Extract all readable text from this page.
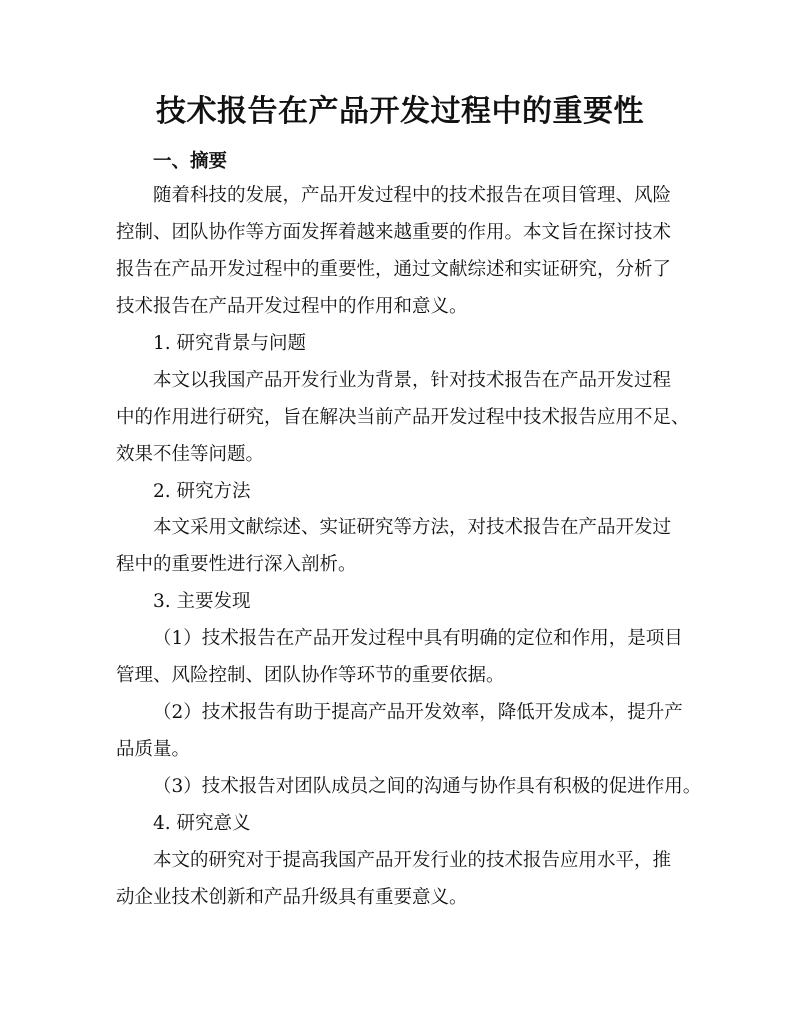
技术报告在产品开发过程中的重要性
一、摘要
随着科技的发展，产品开发过程中的技术报告在项目管理、风险
控制、团队协作等方面发挥着越来越重要的作用。本文旨在探讨技术
报告在产品开发过程中的重要性，通过文献综述和实证研究，分析了
技术报告在产品开发过程中的作用和意义。
1. 研究背景与问题
本文以我国产品开发行业为背景，针对技术报告在产品开发过程
中的作用进行研究，旨在解决当前产品开发过程中技术报告应用不足、
效果不佳等问题。
2. 研究方法
本文采用文献综述、实证研究等方法，对技术报告在产品开发过
程中的重要性进行深入剖析。
3. 主要发现
（1）技术报告在产品开发过程中具有明确的定位和作用，是项目
管理、风险控制、团队协作等环节的重要依据。
（2）技术报告有助于提高产品开发效率，降低开发成本，提升产
品质量。
（3）技术报告对团队成员之间的沟通与协作具有积极的促进作用。
4. 研究意义
本文的研究对于提高我国产品开发行业的技术报告应用水平，推
动企业技术创新和产品升级具有重要意义。
